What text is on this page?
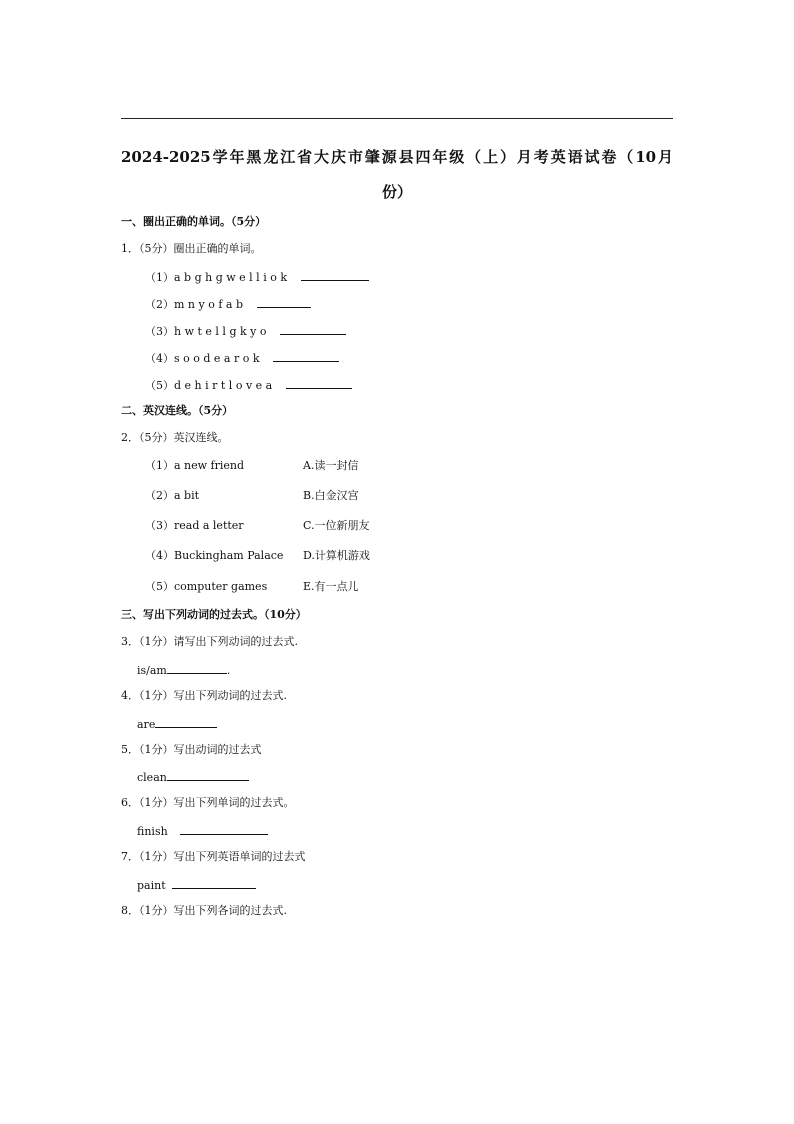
2024-2025学年黑龙江省大庆市肇源县四年级（上）月考英语试卷（10月
份）
一、圈出正确的单词。（5分）
1．（5分）圈出正确的单词。
（1）a b g h g w e l l i o k
（2）m n y o f a b
（3）h w t e l l g k y o
（4）s o o d e a r o k
（5）d e h i r t l o v e a
二、英汉连线。（5分）
2．（5分）英汉连线。
（1）a new friend	A.读一封信
（2）a bit	B.白金汉宫
（3）read a letter	C.一位新朋友
（4）Buckingham Palace D.计算机游戏
（5）computer games	E.有一点儿
三、写出下列动词的过去式。（10分）
3．（1分）请写出下列动词的过去式.
is/am	.
4．（1分）写出下列动词的过去式.
are
5．（1分）写出动词的过去式
clean
6．（1分）写出下列单词的过去式。
finish
7．（1分）写出下列英语单词的过去式
paint
8．（1分）写出下列各词的过去式.
